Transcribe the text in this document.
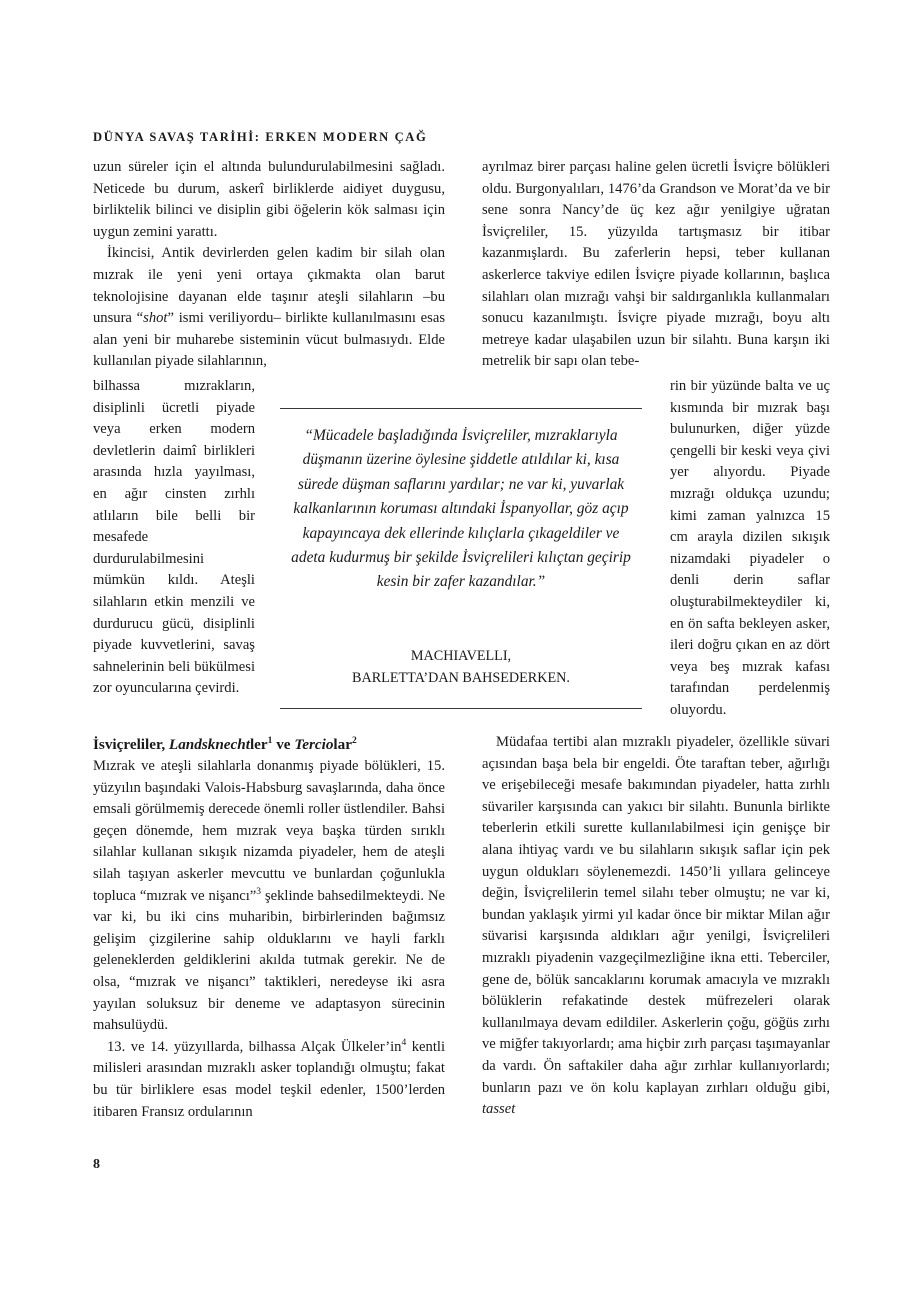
DÜNYA SAVAŞ TARİHİ: ERKEN MODERN ÇAĞ

uzun süreler için el altında bulundurulabilmesini sağladı. Neticede bu durum, askerî birliklerde aidiyet duygusu, birliktelik bilinci ve disiplin gibi öğelerin kök salması için uygun zemini yarattı.

İkincisi, Antik devirlerden gelen kadim bir silah olan mızrak ile yeni yeni ortaya çıkmakta olan barut teknolojisine dayanan elde taşınır ateşli silahların –bu unsura “shot” ismi veriliyordu– birlikte kullanılmasını esas alan yeni bir muharebe sisteminin vücut bulmasıydı. Elde kullanılan piyade silahlarının,

bilhassa mızrakların, disiplinli ücretli piyade veya erken modern devletlerin daimî birlikleri arasında hızla yayılması, en ağır cinsten zırhlı atlıların bile belli bir mesafede durdurulabilmesini mümkün kıldı. Ateşli silahların etkin menzili ve durdurucu gücü, disiplinli piyade kuvvetlerini, savaş sahnelerinin beli bükülmesi zor oyuncularına çevirdi.

ayrılmaz birer parçası haline gelen ücretli İsviçre bölükleri oldu. Burgonyalıları, 1476’da Grandson ve Morat’da ve bir sene sonra Nancy’de üç kez ağır yenilgiye uğratan İsviçreliler, 15. yüzyılda tartışmasız bir itibar kazanmışlardı. Bu zaferlerin hepsi, teber kullanan askerlerce takviye edilen İsviçre piyade kollarının, başlıca silahları olan mızrağı vahşi bir saldırganlıkla kullanmaları sonucu kazanılmıştı. İsviçre piyade mızrağı, boyu altı metreye kadar ulaşabilen uzun bir silahtı. Buna karşın iki metrelik bir sapı olan tebe-

rin bir yüzünde balta ve uç kısmında bir mızrak başı bulunurken, diğer yüzde çengelli bir keski veya çivi yer alıyordu. Piyade mızrağı oldukça uzundu; kimi zaman yalnızca 15 cm arayla dizilen sıkışık nizamdaki piyadeler o denli derin saflar oluşturabilmekteydiler ki, en ön safta bekleyen asker, ileri doğru çıkan en az dört veya beş mızrak kafası tarafından perdelenmiş oluyordu.

“Mücadele başladığında İsviçreliler, mızraklarıyla düşmanın üzerine öylesine şiddetle atıldılar ki, kısa sürede düşman saflarını yardılar; ne var ki, yuvarlak kalkanlarının koruması altındaki İspanyollar, göz açıp kapayıncaya dek ellerinde kılıçlarla çıkageldiler ve adeta kudurmuş bir şekilde İsviçrelileri kılıçtan geçirip kesin bir zafer kazandılar.”
MACHIAVELLI,
BARLETTA’DAN BAHSEDERKEN.
İsviçreliler, Landsknechtler$^1$ ve Terciolar$^2$

Mızrak ve ateşli silahlarla donanmış piyade bölükleri, 15. yüzyılın başındaki Valois-Habsburg savaşlarında, daha önce emsali görülmemiş derecede önemli roller üstlendiler. Bahsi geçen dönemde, hem mızrak veya başka türden sırıklı silahlar kullanan sıkışık nizamda piyadeler, hem de ateşli silah taşıyan askerler mevcuttu ve bunlardan çoğunlukla topluca “mızrak ve nişancı”$^3$ şeklinde bahsedilmekteydi. Ne var ki, bu iki cins muharibin, birbirlerinden bağımsız gelişim çizgilerine sahip olduklarını ve hayli farklı geleneklerden geldiklerini akılda tutmak gerekir. Ne de olsa, “mızrak ve nişancı” taktikleri, neredeyse iki asra yayılan soluksuz bir deneme ve adaptasyon sürecinin mahsulüydü.

13. ve 14. yüzyıllarda, bilhassa Alçak $Ülkeler’in^4$ kentli milisleri arasından mızraklı asker toplandığı olmuştu; fakat bu tür birliklere esas model teşkil edenler, 1500’lerden itibaren Fransız ordularının

Müdafaa tertibi alan mızraklı piyadeler, özellikle süvari açısından başa bela bir engeldi. Öte taraftan teber, ağırlığı ve erişebileceği mesafe bakımından piyadeler, hatta zırhlı süvariler karşısında can yakıcı bir silahtı. Bununla birlikte teberlerin etkili surette kullanılabilmesi için genişçe bir alana ihtiyaç vardı ve bu silahların sıkışık saflar için pek uygun oldukları söylenemezdi. 1450’li yıllara gelinceye değin, İsviçrelilerin temel silahı teber olmuştu; ne var ki, bundan yaklaşık yirmi yıl kadar önce bir miktar Milan ağır süvarisi karşısında aldıkları ağır yenilgi, İsviçrelileri mızraklı piyadenin vazgeçilmezliğine ikna etti. Teberciler, gene de, bölük sancaklarını korumak amacıyla ve mızraklı bölüklerin refakatinde destek müfrezeleri olarak kullanılmaya devam edildiler. Askerlerin çoğu, göğüs zırhı ve miğfer takıyorlardı; ama hiçbir zırh parçası taşımayanlar da vardı. Ön saftakiler daha ağır zırhlar kullanıyorlardı; bunların pazı ve ön kolu kaplayan zırhları olduğu gibi, tasset

8
